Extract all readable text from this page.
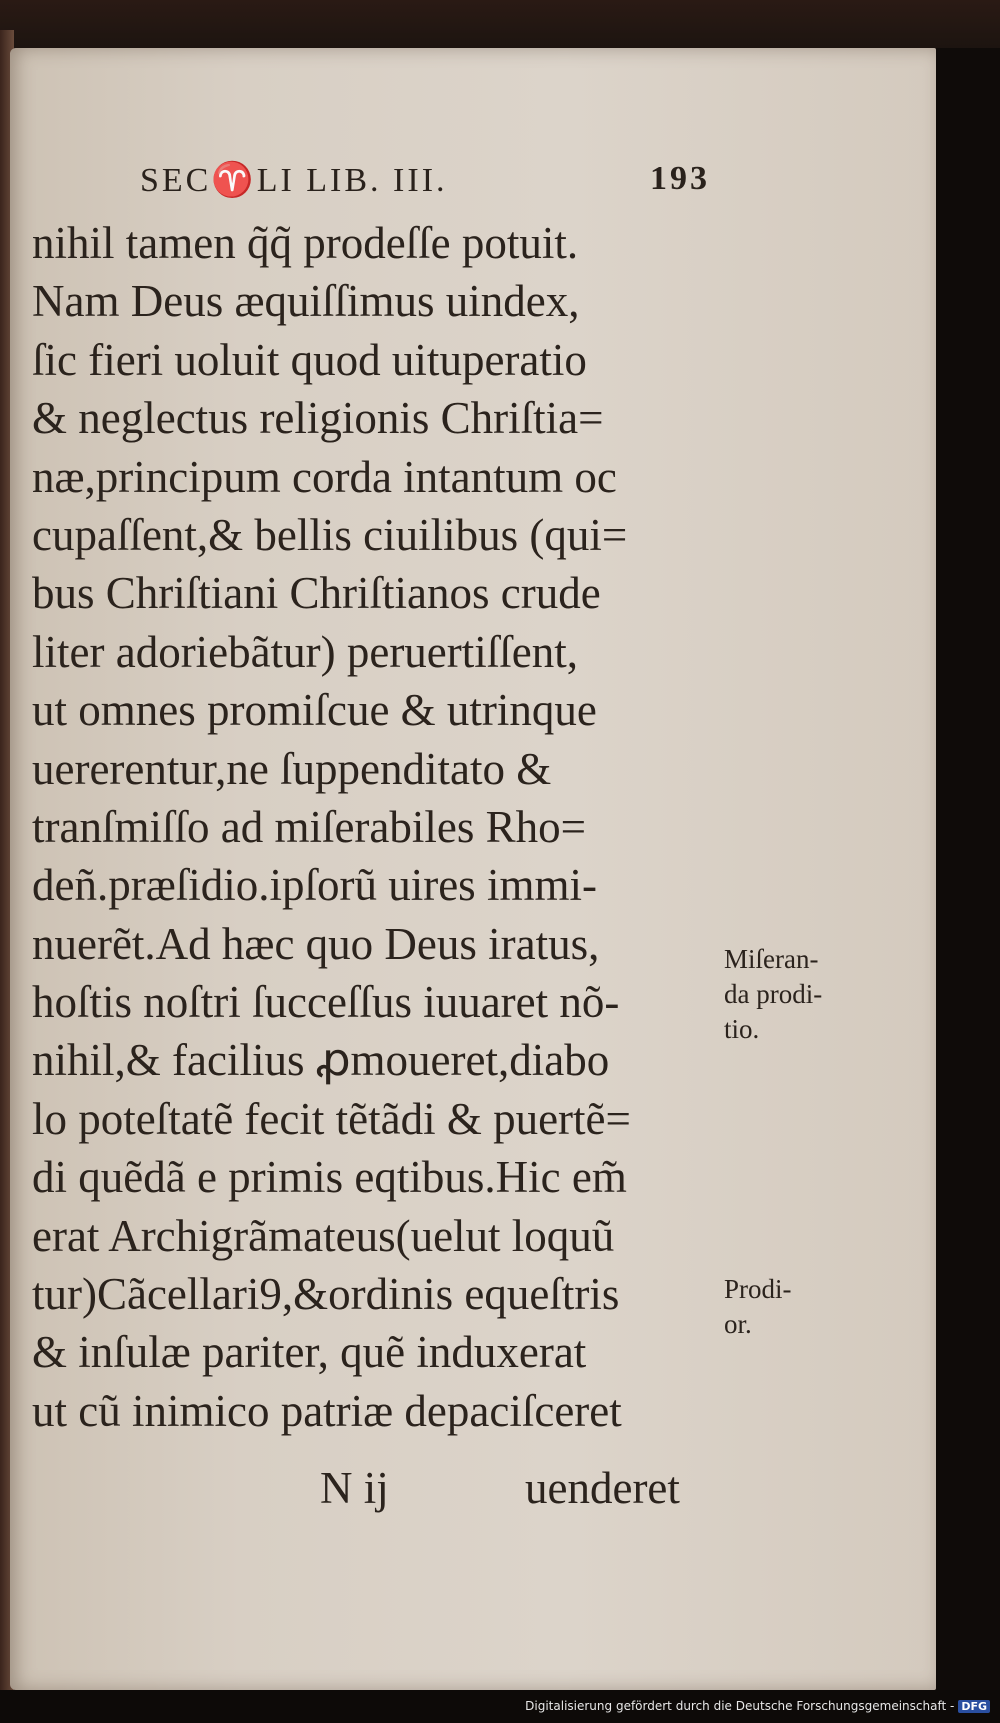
SEC♈LI LIB. III.	193
nihil tamen q̃q̃ prodeſſe potuit.
Nam Deus æquiſſimus uindex,
ſic fieri uoluit quod uituperatio
& neglectus religionis Chriſtia=
næ,principum corda intantum oc
cupaſſent,& bellis ciuilibus (qui=
bus Chriſtiani Chriſtianos crude
liter adoriebãtur) peruertiſſent,
ut omnes promiſcue & utrinque
uererentur,ne ſuppenditato &
tranſmiſſo ad miſerabiles Rho=
deñ.præſidio.ipſorũ uires immi-
nuerẽt.Ad hæc quo Deus iratus,
hoſtis noſtri ſucceſſus iuuaret nõ-
nihil,& facilius ꝓmoueret,diabo
lo poteſtatẽ fecit tẽtãdi & puertẽ=
di quẽdã e primis eqtibus.Hic em̃
erat Archigrãmateus(uelut loquũ
tur)Cãcellari9,&ordinis equeſtris
& inſulæ pariter, quẽ induxerat
ut cũ inimico patriæ depaciſceret
Miſeran-
da prodi-
tio.
Prodi-
or.
N ij	uenderet
Digitalisierung gefördert durch die Deutsche Forschungsgemeinschaft - DFG
